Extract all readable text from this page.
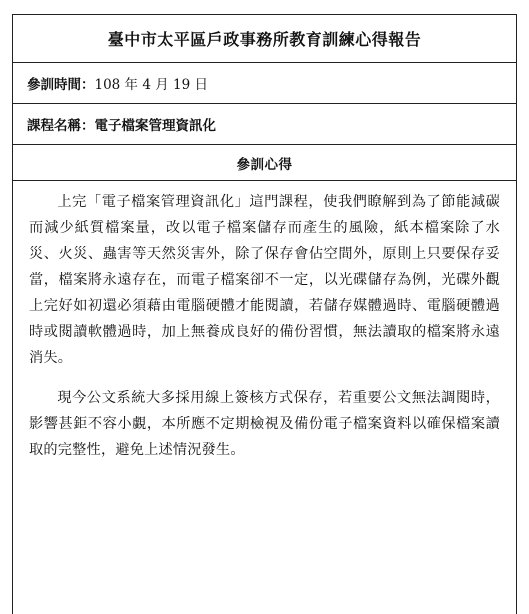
臺中市太平區戶政事務所教育訓練心得報告
參訓時間： 108 年 4 月 19 日
課程名稱： 電子檔案管理資訊化
參訓心得

上完「電子檔案管理資訊化」這門課程，使我們瞭解到為了節能減碳而減少紙質檔案量，改以電子檔案儲存而產生的風險，紙本檔案除了水災、火災、蟲害等天然災害外，除了保存會佔空間外，原則上只要保存妥當，檔案將永遠存在，而電子檔案卻不一定，以光碟儲存為例，光碟外觀上完好如初還必須藉由電腦硬體才能閱讀，若儲存媒體過時、電腦硬體過時或閱讀軟體過時，加上無養成良好的備份習慣，無法讀取的檔案將永遠消失。

現今公文系統大多採用線上簽核方式保存，若重要公文無法調閱時，影響甚鉅不容小覷，本所應不定期檢視及備份電子檔案資料以確保檔案讀取的完整性，避免上述情況發生。
